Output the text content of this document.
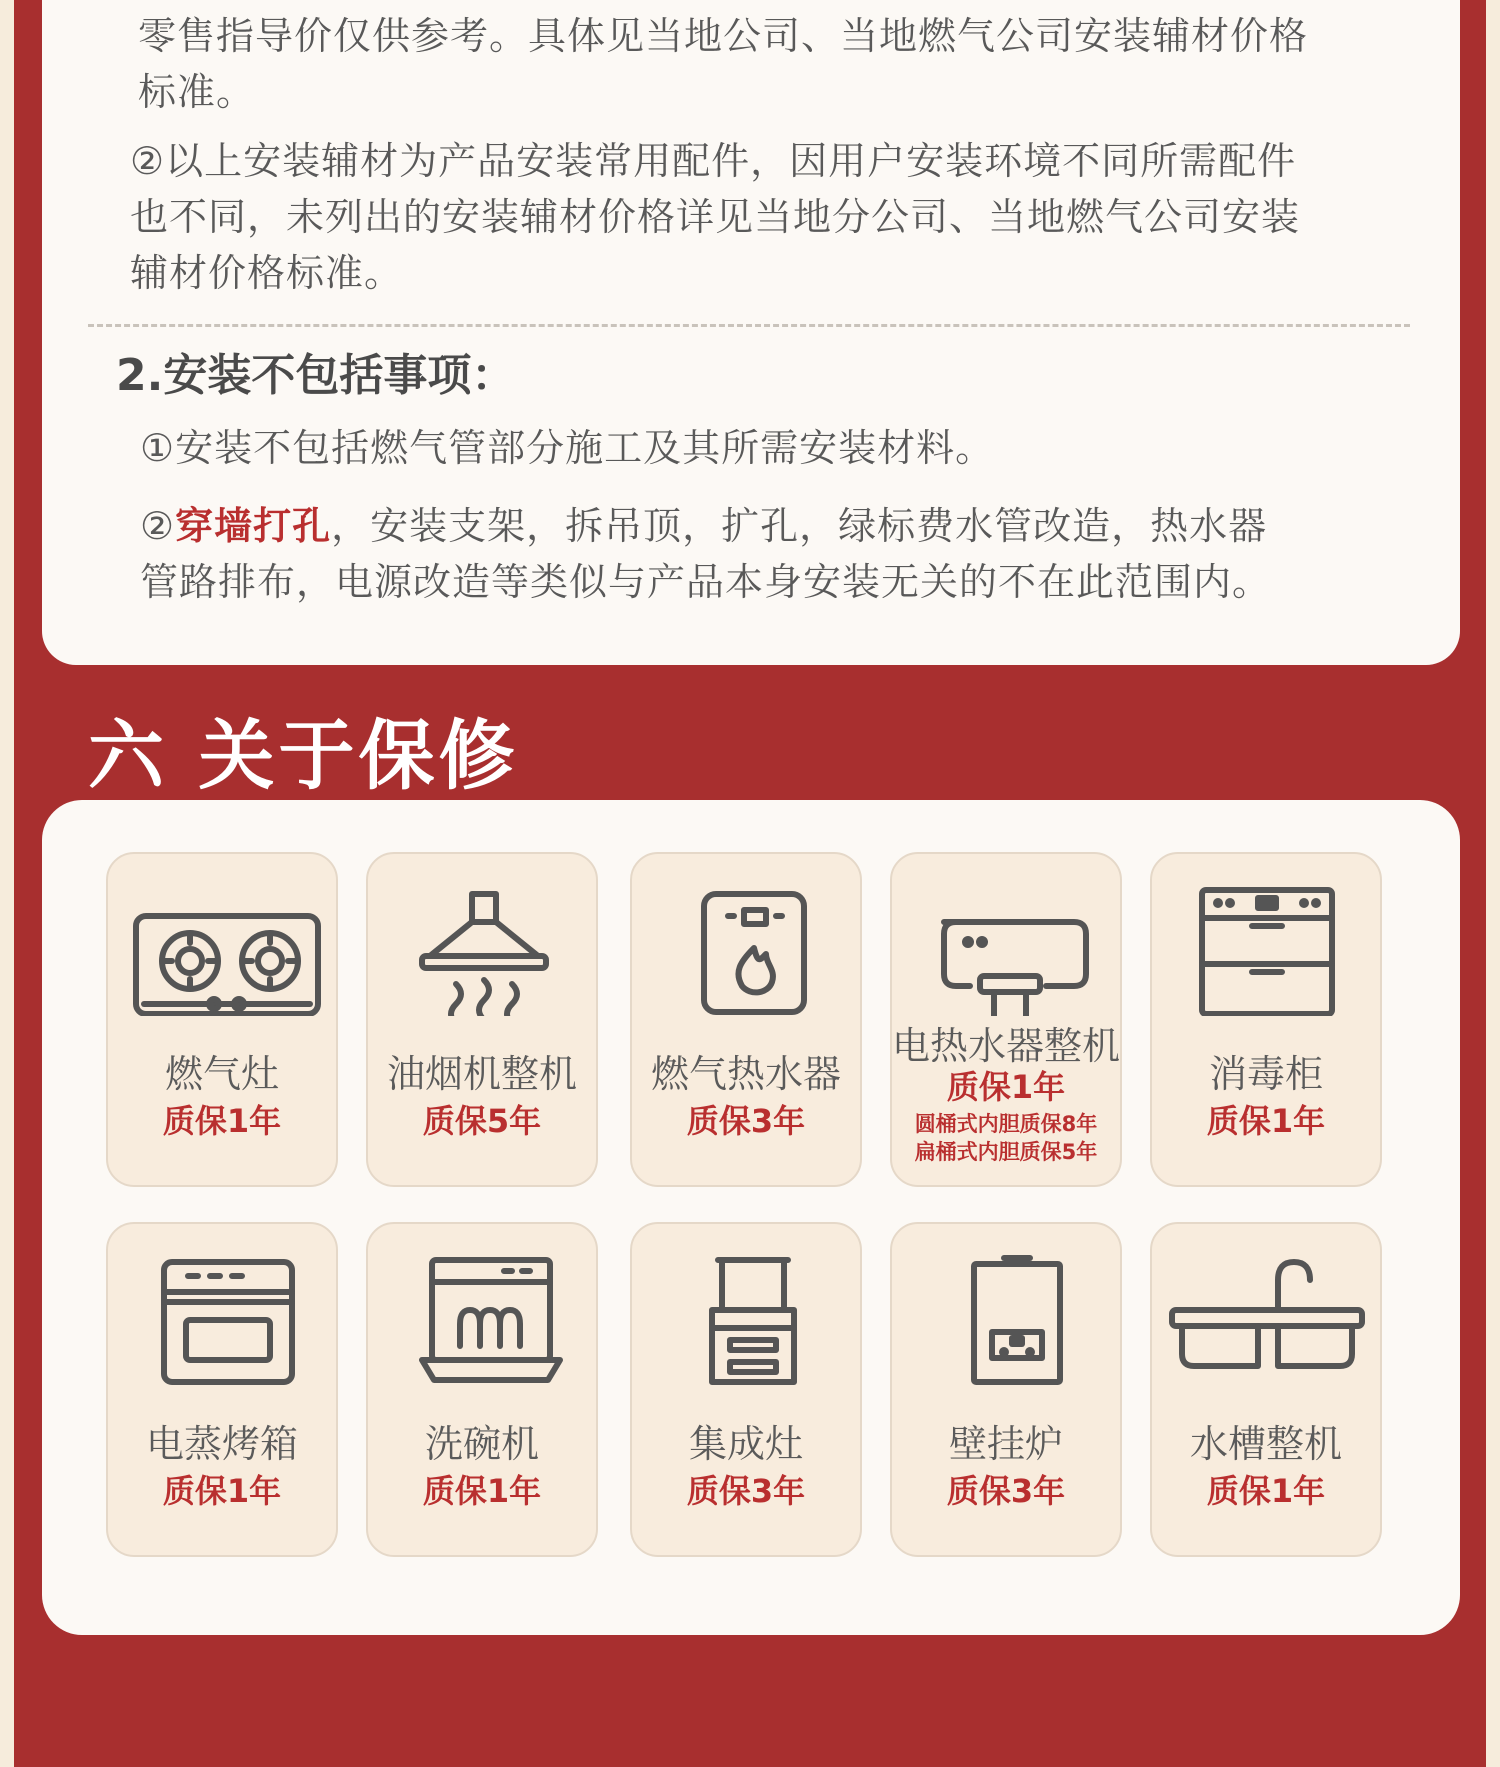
零售指导价仅供参考。具体见当地公司、当地燃气公司安装辅材价格

标准。

②以上安装辅材为产品安装常用配件，因用户安装环境不同所需配件

也不同，未列出的安装辅材价格详见当地分公司、当地燃气公司安装

辅材价格标准。

2.安装不包括事项：

①安装不包括燃气管部分施工及其所需安装材料。

②穿墙打孔，安装支架，拆吊顶，扩孔，绿标费水管改造，热水器

管路排布，电源改造等类似与产品本身安装无关的不在此范围内。

六 关于保修
燃气灶
质保1年
油烟机整机
质保5年
燃气热水器
质保3年
电热水器整机
质保1年
圆桶式内胆质保8年
扁桶式内胆质保5年
消毒柜
质保1年
电蒸烤箱
质保1年
洗碗机
质保1年
集成灶
质保3年
壁挂炉
质保3年
水槽整机
质保1年
